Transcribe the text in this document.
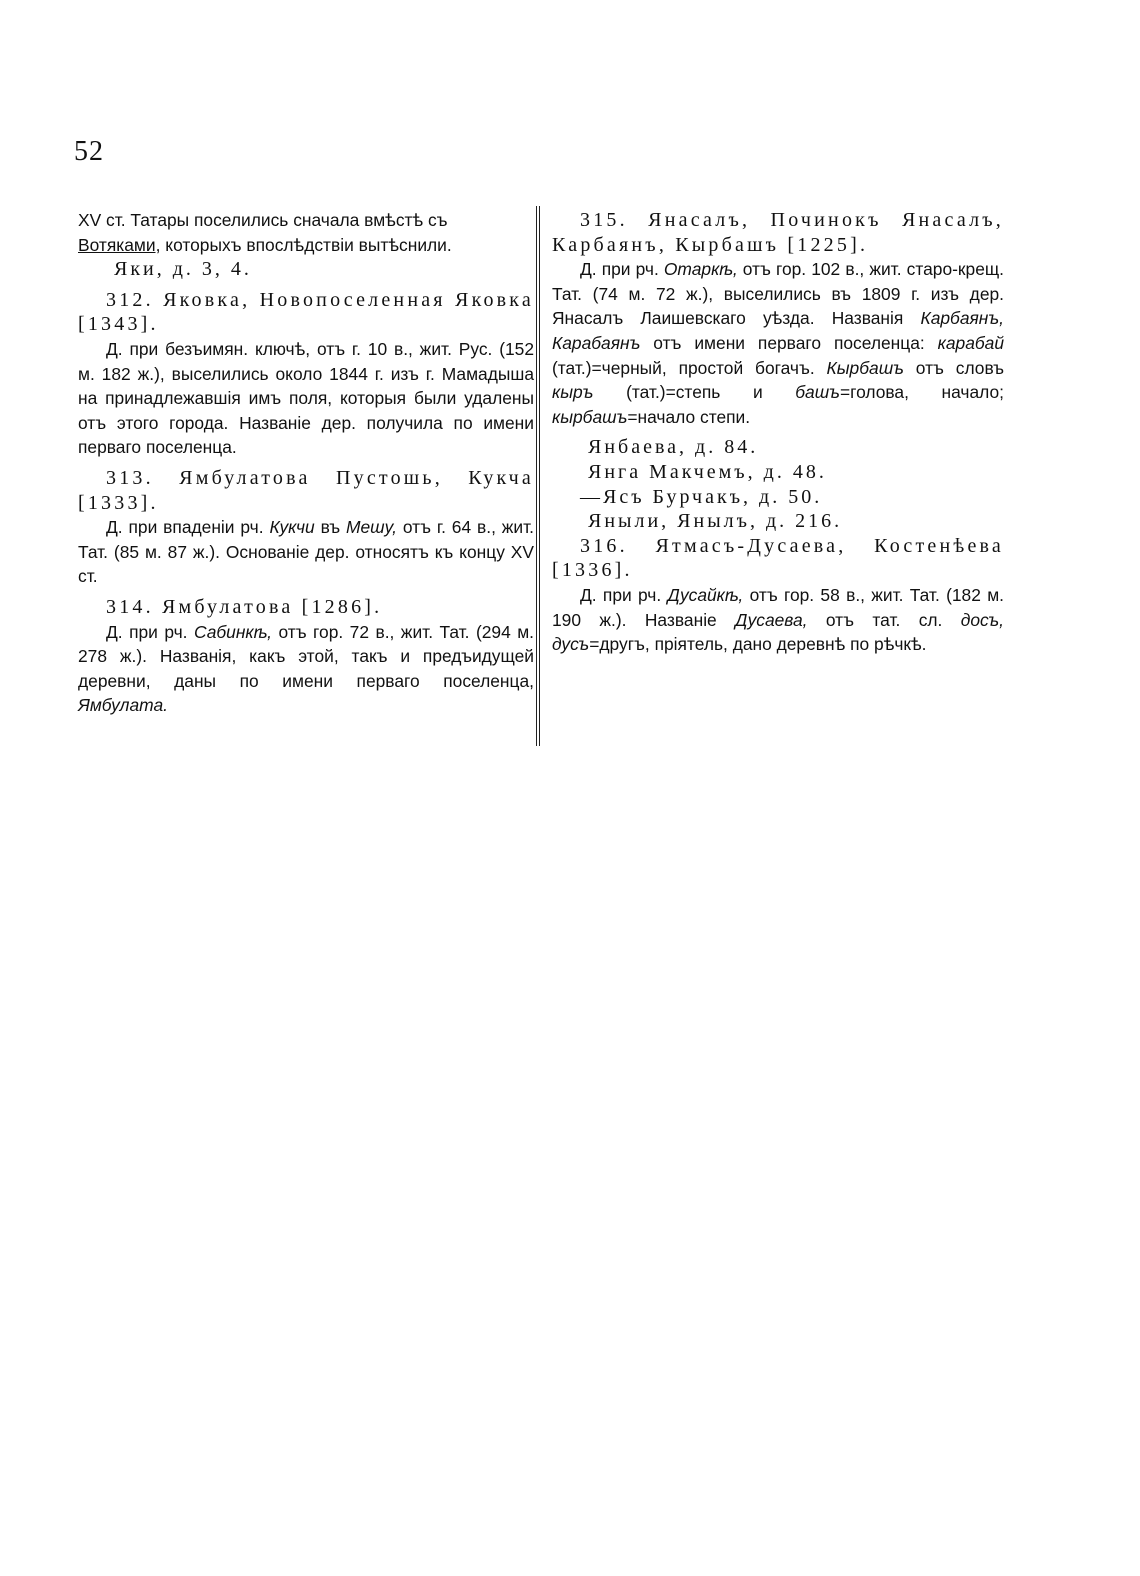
52

XV ст. Татары поселились сначала вмѣстѣ съ
Вотяками, которыхъ впослѣдствіи вытѣснили.

Яки, д. 3, 4.

312. Яковка, Новопоселенная Яковка [1343].

Д. при безъимян. ключѣ, отъ г. 10 в., жит. Рус. (152 м. 182 ж.), выселились около 1844 г. изъ г. Мамадыша на принадлежавшія имъ поля, которыя были удалены отъ этого города. Названіе дер. получила по имени перваго поселенца.

313. Ямбулатова Пустошь, Кукча [1333].

Д. при впаденіи рч. Кукчи въ Мешу, отъ г. 64 в., жит. Тат. (85 м. 87 ж.). Основаніе дер. относятъ къ концу XV ст.

314. Ямбулатова [1286].

Д. при рч. Сабинкѣ, отъ гор. 72 в., жит. Тат. (294 м. 278 ж.). Названія, какъ этой, такъ и предъидущей деревни, даны по имени перваго поселенца, Ямбулата.

315. Янасалъ, Починокъ Янасалъ, Карбаянъ, Кырбашъ [1225].

Д. при рч. Отаркѣ, отъ гор. 102 в., жит. старо-крещ. Тат. (74 м. 72 ж.), выселились въ 1809 г. изъ дер. Янасалъ Лаишевскаго уѣзда. Названія Карбаянъ, Карабаянъ отъ имени перваго поселенца: карабай (тат.)=черный, простой богачъ. Кырбашъ отъ словъ кыръ (тат.)=степь и башъ=голова, начало; кырбашъ=начало степи.

Янбаева, д. 84.

Янга Макчемъ, д. 48.

—Ясъ Бурчакъ, д. 50.

Яныли, Янылъ, д. 216.

316. Ятмасъ-Дусаева, Костенѣева [1336].

Д. при рч. Дусайкѣ, отъ гор. 58 в., жит. Тат. (182 м. 190 ж.). Названіе Дусаева, отъ тат. сл. досъ, дусъ=другъ, пріятель, дано деревнѣ по рѣчкѣ.
